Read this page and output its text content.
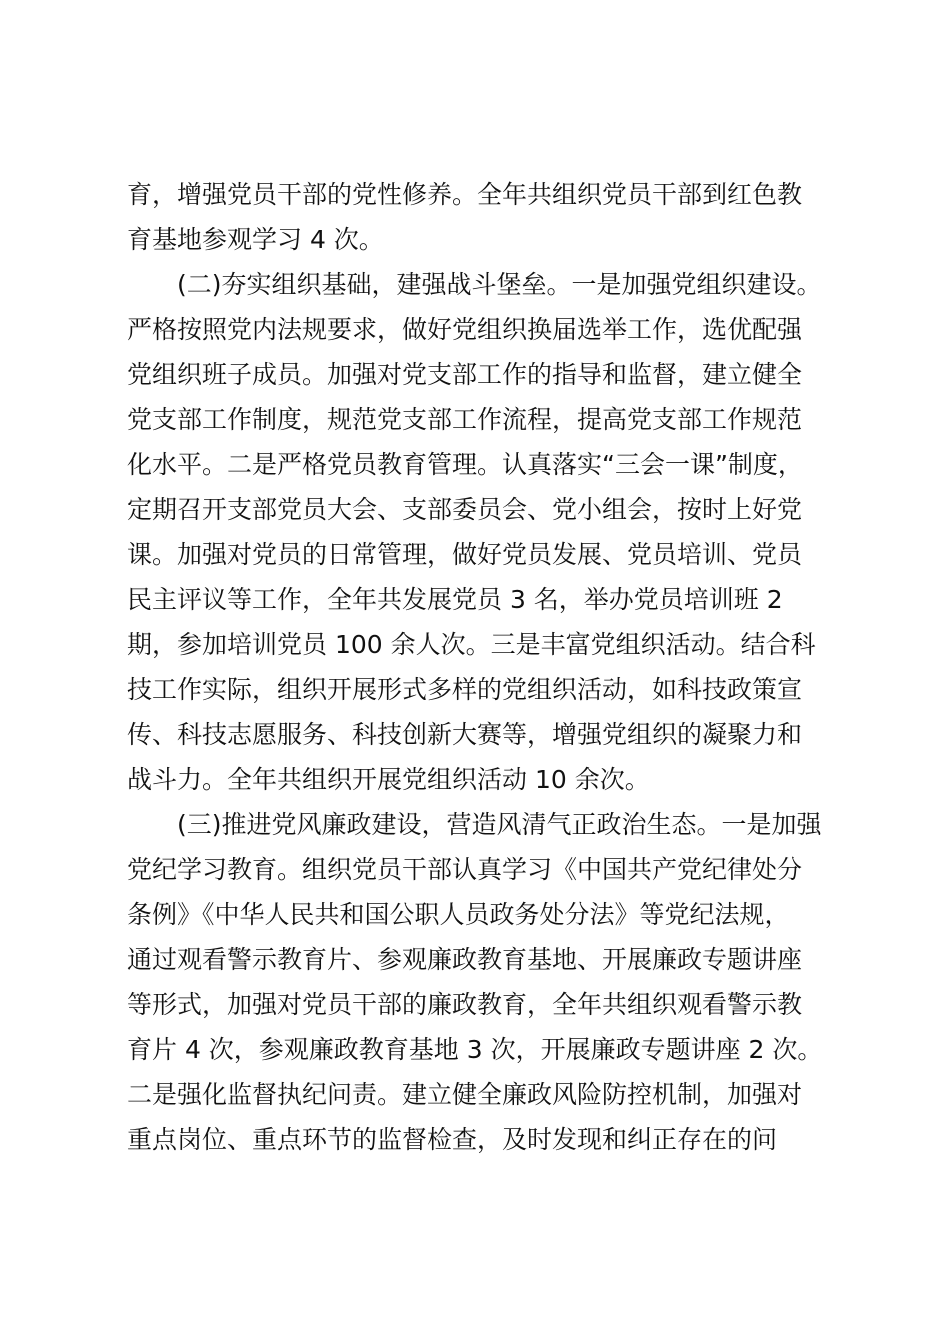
育，增强党员干部的党性修养。全年共组织党员干部到红色教
育基地参观学习 4 次。
(二)夯实组织基础，建强战斗堡垒。一是加强党组织建设。
严格按照党内法规要求，做好党组织换届选举工作，选优配强
党组织班子成员。加强对党支部工作的指导和监督，建立健全
党支部工作制度，规范党支部工作流程，提高党支部工作规范
化水平。二是严格党员教育管理。认真落实“三会一课”制度，
定期召开支部党员大会、支部委员会、党小组会，按时上好党
课。加强对党员的日常管理，做好党员发展、党员培训、党员
民主评议等工作，全年共发展党员 3 名，举办党员培训班 2
期，参加培训党员 100 余人次。三是丰富党组织活动。结合科
技工作实际，组织开展形式多样的党组织活动，如科技政策宣
传、科技志愿服务、科技创新大赛等，增强党组织的凝聚力和
战斗力。全年共组织开展党组织活动 10 余次。
(三)推进党风廉政建设，营造风清气正政治生态。一是加强
党纪学习教育。组织党员干部认真学习《中国共产党纪律处分
条例》《中华人民共和国公职人员政务处分法》等党纪法规，
通过观看警示教育片、参观廉政教育基地、开展廉政专题讲座
等形式，加强对党员干部的廉政教育，全年共组织观看警示教
育片 4 次，参观廉政教育基地 3 次，开展廉政专题讲座 2 次。
二是强化监督执纪问责。建立健全廉政风险防控机制，加强对
重点岗位、重点环节的监督检查，及时发现和纠正存在的问
